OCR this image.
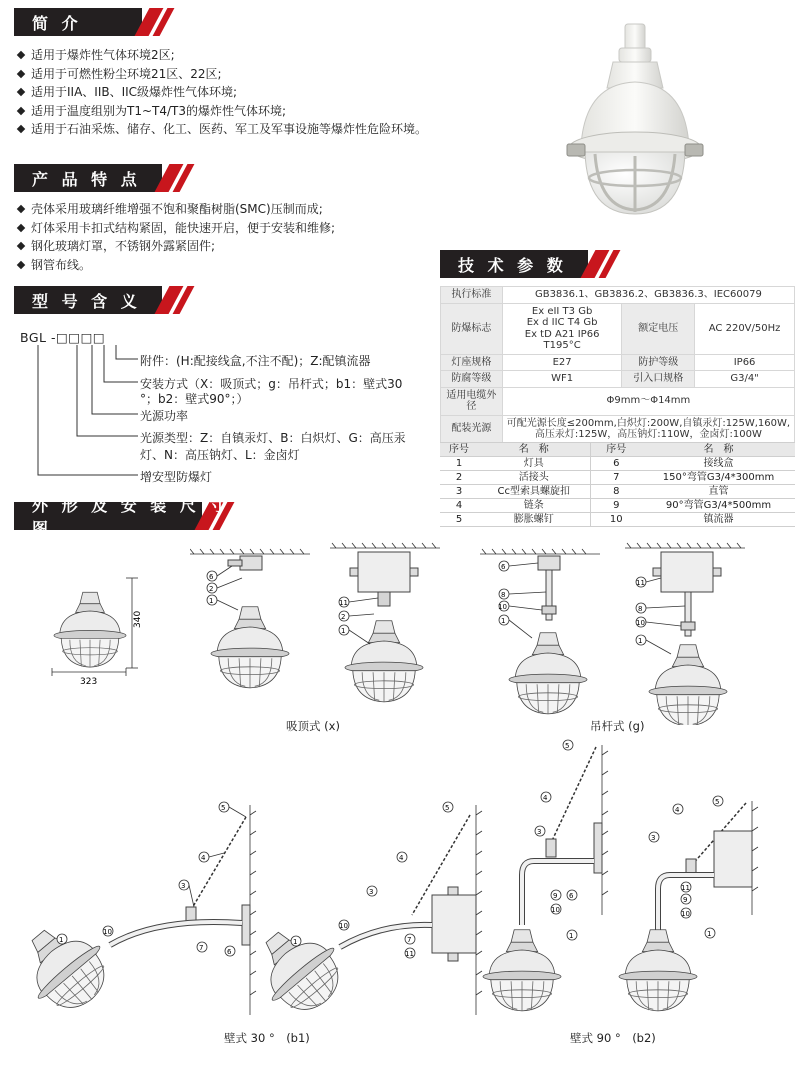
简 介
产 品 特 点
型 号 含 义
技 术 参 数
外 形 及 安 装 尺 寸 图
适用于爆炸性气体环境2区;
适用于可燃性粉尘环境21区、22区;
适用于IIA、IIB、IIC级爆炸性气体环境;
适用于温度组别为T1~T4/T3的爆炸性气体环境;
适用于石油采炼、储存、化工、医药、军工及军事设施等爆炸性危险环境。
壳体采用玻璃纤维增强不饱和聚酯树脂(SMC)压制而成;
灯体采用卡扣式结构紧固，能快速开启，便于安装和维修;
钢化玻璃灯罩，不锈钢外露紧固件;
钢管布线。
BGL -□□□□
附件：(H:配接线盒,不注不配)；Z:配镇流器
安装方式（X：吸顶式；g：吊杆式；b1：壁式30
°；b2：壁式90°；）
光源功率
光源类型：Z：自镇汞灯、B：白炽灯、G：高压汞
灯、N：高压钠灯、L：金卤灯
增安型防爆灯
执行标准	GB3836.1、GB3836.2、GB3836.3、IEC60079		
防爆标志	Ex eII T3 Gb
Ex d IIC T4 Gb
Ex tD A21 IP66 T195°C	额定电压	AC 220V/50Hz
灯座规格	E27	防护等级	IP66
防腐等级	WF1	引入口规格	G3/4"
适用电缆外径	Φ9mm～Φ14mm		
配装光源	可配光源长度≤200mm,白炽灯:200W,自镇汞灯:125W,160W,
高压汞灯:125W，高压钠灯:110W，金卤灯:100W		
序号	名　称	序号	名　称
1	灯具	6	接线盒
2	活接头	7	150°弯管G3/4*300mm
3	Cc型索具螺旋扣	8	直管
4	链条	9	90°弯管G3/4*500mm
5	膨胀螺钉	10	镇流器
340
323
6
2
1	11
2
1
6
8
10
1
11
8
10
1
吸顶式 (x)	吊杆式 (g)
5
4
3
10
1
7	6
5
4
3
10
1	7
11
5
4
3
9
10
1
6
5
4
3
11
9
10
1
壁式 30 °　(b1)	壁式 90 °　(b2)
